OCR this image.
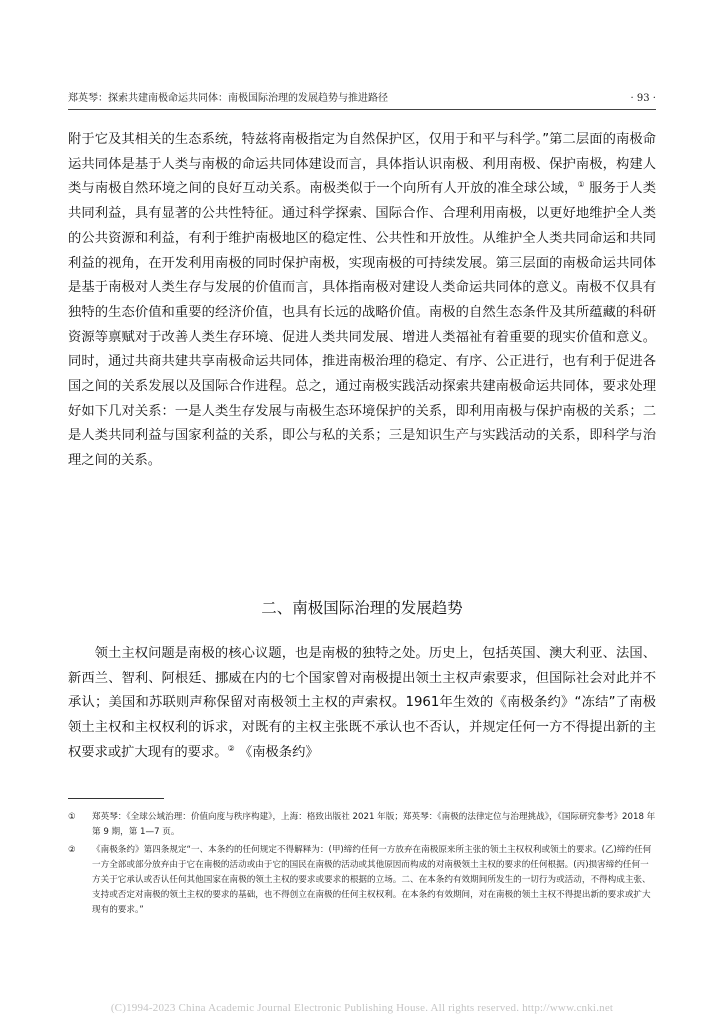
郑英琴：探索共建南极命运共同体：南极国际治理的发展趋势与推进路径	· 93 ·

附于它及其相关的生态系统，特兹将南极指定为自然保护区，仅用于和平与科学。”第二层面的南极命运共同体是基于人类与南极的命运共同体建设而言，具体指认识南极、利用南极、保护南极，构建人类与南极自然环境之间的良好互动关系。南极类似于一个向所有人开放的准全球公域，① 服务于人类共同利益，具有显著的公共性特征。通过科学探索、国际合作、合理利用南极，以更好地维护全人类的公共资源和利益，有利于维护南极地区的稳定性、公共性和开放性。从维护全人类共同命运和共同利益的视角，在开发利用南极的同时保护南极，实现南极的可持续发展。第三层面的南极命运共同体是基于南极对人类生存与发展的价值而言，具体指南极对建设人类命运共同体的意义。南极不仅具有独特的生态价值和重要的经济价值，也具有长远的战略价值。南极的自然生态条件及其所蕴藏的科研资源等禀赋对于改善人类生存环境、促进人类共同发展、增进人类福祉有着重要的现实价值和意义。同时，通过共商共建共享南极命运共同体，推进南极治理的稳定、有序、公正进行，也有利于促进各国之间的关系发展以及国际合作进程。总之，通过南极实践活动探索共建南极命运共同体，要求处理好如下几对关系：一是人类生存发展与南极生态环境保护的关系，即利用南极与保护南极的关系；二是人类共同利益与国家利益的关系，即公与私的关系；三是知识生产与实践活动的关系，即科学与治理之间的关系。

二、南极国际治理的发展趋势

领土主权问题是南极的核心议题，也是南极的独特之处。历史上，包括英国、澳大利亚、法国、新西兰、智利、阿根廷、挪威在内的七个国家曾对南极提出领土主权声索要求，但国际社会对此并不承认；美国和苏联则声称保留对南极领土主权的声索权。1961年生效的《南极条约》“冻结”了南极领土主权和主权权利的诉求，对既有的主权主张既不承认也不否认，并规定任何一方不得提出新的主权要求或扩大现有的要求。② 《南极条约》

① 郑英琴：《全球公域治理：价值向度与秩序构建》，上海：格致出版社 2021 年版；郑英琴：《南极的法律定位与治理挑战》，《国际研究参考》2018 年第 9 期，第 1—7 页。
② 《南极条约》第四条规定“一、本条约的任何规定不得解释为：(甲)缔约任何一方放弃在南极原来所主张的领土主权权利或领土的要求。(乙)缔约任何一方全部或部分放弃由于它在南极的活动或由于它的国民在南极的活动或其他原因而构成的对南极领土主权的要求的任何根据。(丙)损害缔约任何一方关于它承认或否认任何其他国家在南极的领土主权的要求或要求的根据的立场。二、在本条约有效期间所发生的一切行为或活动，不得构成主张、支持或否定对南极的领土主权的要求的基础，也不得创立在南极的任何主权权利。在本条约有效期间，对在南极的领土主权不得提出新的要求或扩大现有的要求。”
(C)1994-2023 China Academic Journal Electronic Publishing House. All rights reserved. http://www.cnki.net
